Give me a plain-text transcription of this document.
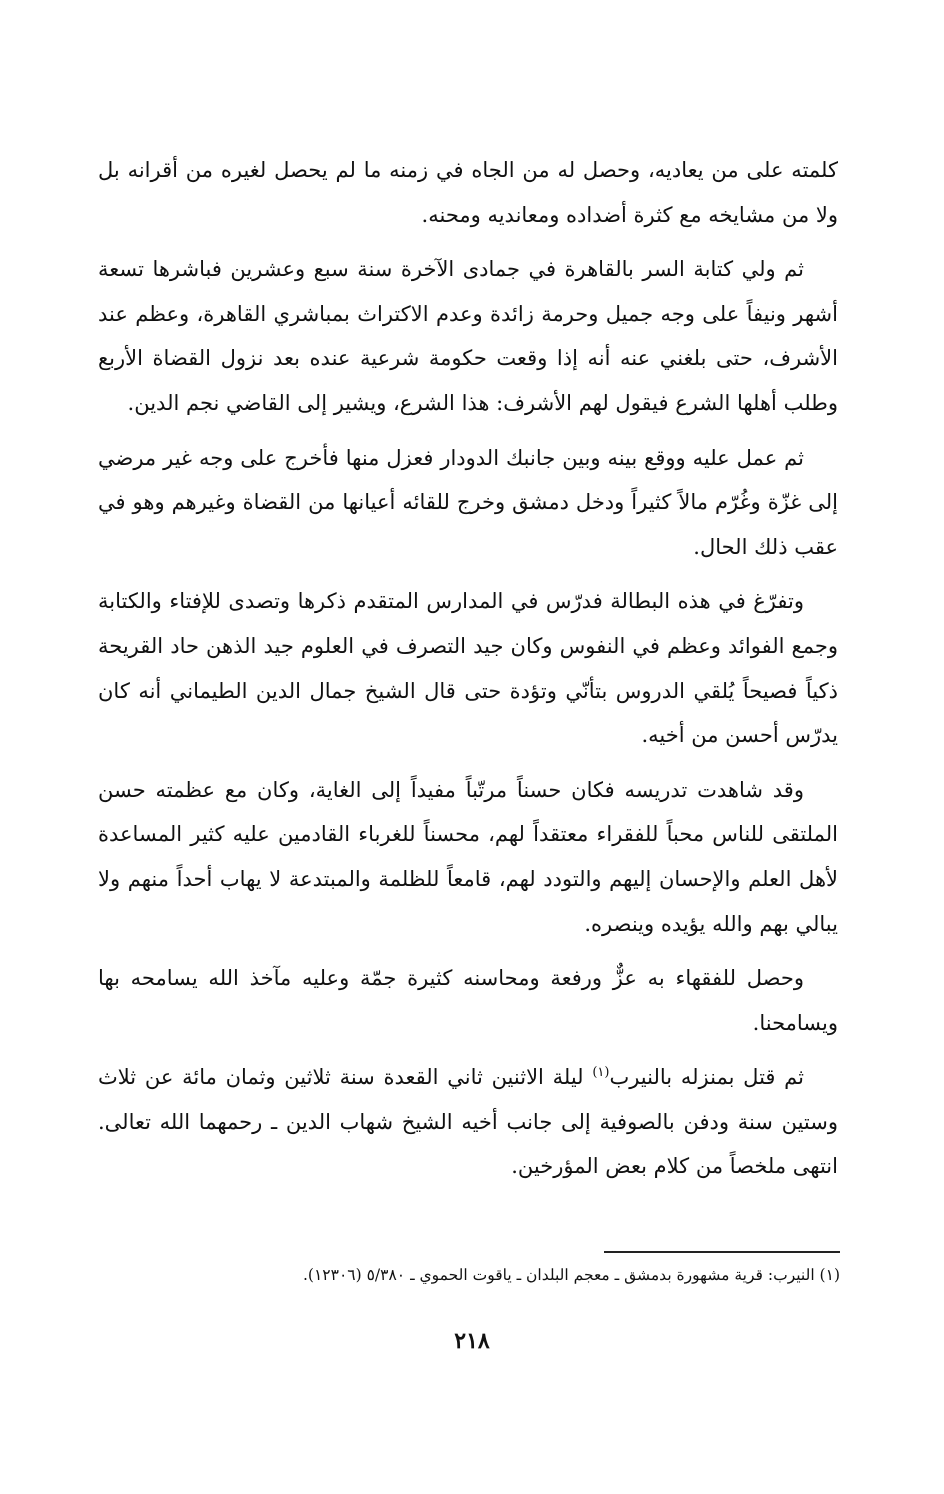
كلمته على من يعاديه، وحصل له من الجاه في زمنه ما لم يحصل لغيره من أقرانه بل ولا من مشايخه مع كثرة أضداده ومعانديه ومحنه.

ثم ولي كتابة السر بالقاهرة في جمادى الآخرة سنة سبع وعشرين فباشرها تسعة أشهر ونيفاً على وجه جميل وحرمة زائدة وعدم الاكتراث بمباشري القاهرة، وعظم عند الأشرف، حتى بلغني عنه أنه إذا وقعت حكومة شرعية عنده بعد نزول القضاة الأربع وطلب أهلها الشرع فيقول لهم الأشرف: هذا الشرع، ويشير إلى القاضي نجم الدين.

ثم عمل عليه ووقع بينه وبين جانبك الدودار فعزل منها فأخرج على وجه غير مرضي إلى غزّة وغُرّم مالاً كثيراً ودخل دمشق وخرج للقائه أعيانها من القضاة وغيرهم وهو في عقب ذلك الحال.

وتفرّغ في هذه البطالة فدرّس في المدارس المتقدم ذكرها وتصدى للإفتاء والكتابة وجمع الفوائد وعظم في النفوس وكان جيد التصرف في العلوم جيد الذهن حاد القريحة ذكياً فصيحاً يُلقي الدروس بتأنّي وتؤدة حتى قال الشيخ جمال الدين الطيماني أنه كان يدرّس أحسن من أخيه.

وقد شاهدت تدريسه فكان حسناً مرتّباً مفيداً إلى الغاية، وكان مع عظمته حسن الملتقى للناس محباً للفقراء معتقداً لهم، محسناً للغرباء القادمين عليه كثير المساعدة لأهل العلم والإحسان إليهم والتودد لهم، قامعاً للظلمة والمبتدعة لا يهاب أحداً منهم ولا يبالي بهم والله يؤيده وينصره.

وحصل للفقهاء به عزٌّ ورفعة ومحاسنه كثيرة جمّة وعليه مآخذ الله يسامحه بها ويسامحنا.

ثم قتل بمنزله بالنيرب$^{(١)}$ ليلة الاثنين ثاني القعدة سنة ثلاثين وثمان مائة عن ثلاث وستين سنة ودفن بالصوفية إلى جانب أخيه الشيخ شهاب الدين ـ رحمهما الله تعالى. انتهى ملخصاً من كلام بعض المؤرخين.

(١) النيرب: قرية مشهورة بدمشق ـ معجم البلدان ـ ياقوت الحموي ـ ٥/٣٨٠ (١٢٣٠٦).
٢١٨
